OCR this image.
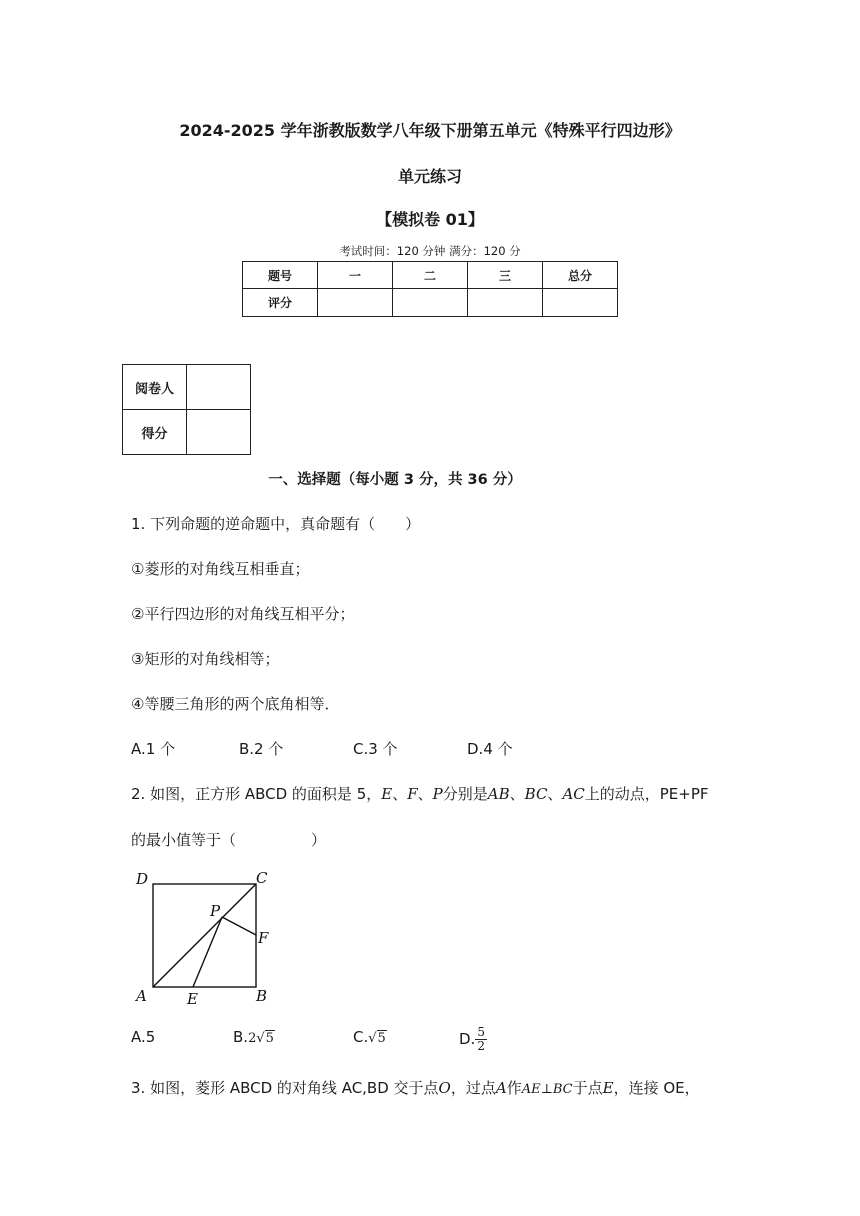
2024-2025 学年浙教版数学八年级下册第五单元《特殊平行四边形》
单元练习
【模拟卷 01】
考试时间：120 分钟 满分：120 分
题号	一	二	三	总分
评分				
阅卷人	
得分	
一、选择题（每小题 3 分，共 36 分）
1. 下列命题的逆命题中，真命题有（　　）
①菱形的对角线互相垂直；
②平行四边形的对角线互相平分；
③矩形的对角线相等；
④等腰三角形的两个底角相等．
A.1 个	B.2 个	C.3 个	D.4 个
2. 如图，正方形 ABCD 的面积是 5，E、F、P分别是AB、BC、AC上的动点，PE+PF
的最小值等于（　　　　　）
D	C
P
F
A	E	B
A.5	B.2√5	C.√5	D. $\frac{5}{2}$
3. 如图，菱形 ABCD 的对角线 AC,BD 交于点O，过点A作AE⊥BC于点E，连接 OE，
